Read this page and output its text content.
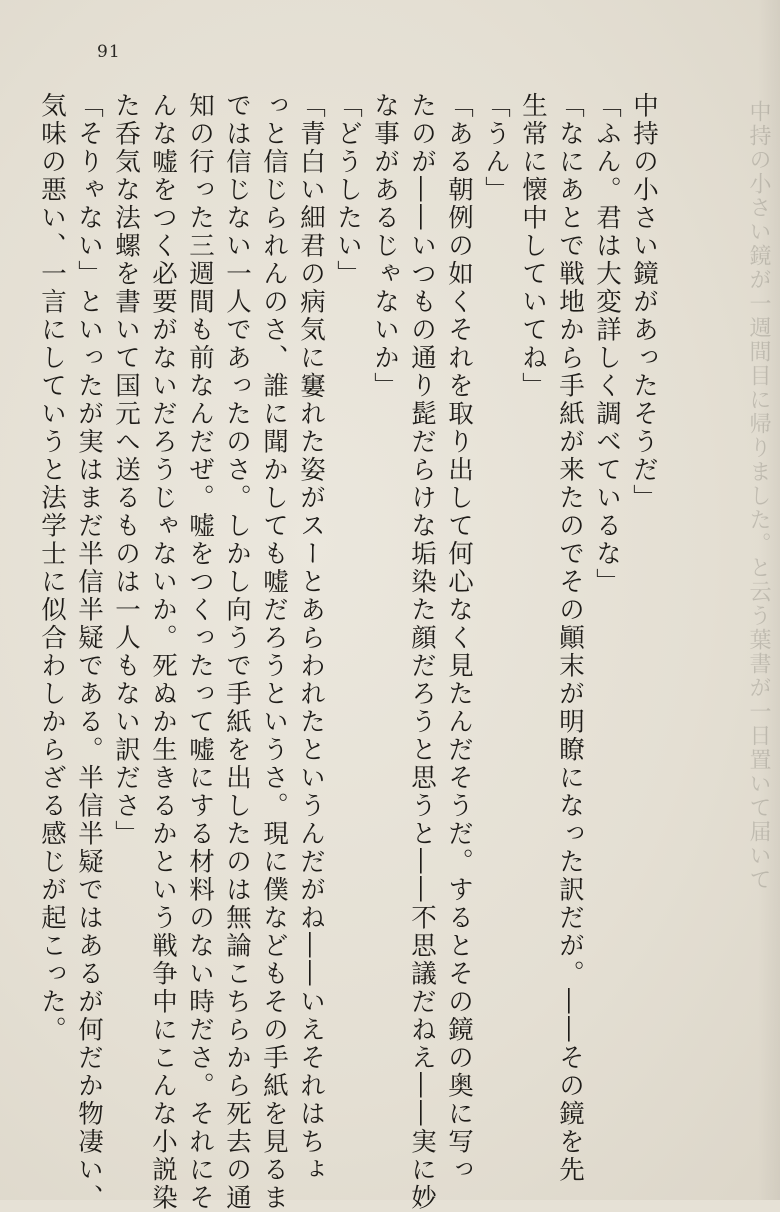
91
中持の小さい鏡があったそうだ」
「ふん。君は大変詳しく調べているな」
「なにあとで戦地から手紙が来たのでその顚末が明瞭になった訳だが。――その鏡を先
生常に懐中していてね」
「うん」
「ある朝例の如くそれを取り出して何心なく見たんだそうだ。するとその鏡の奥に写っ
たのが――いつもの通り髭だらけな垢染た顔だろうと思うと――不思議だねえ――実に妙
な事があるじゃないか」
「どうしたい」
「青白い細君の病気に窶れた姿がスーとあらわれたというんだがね――いえそれはちょ
っと信じられんのさ、誰に聞かしても嘘だろうというさ。現に僕などもその手紙を見るま
では信じない一人であったのさ。しかし向うで手紙を出したのは無論こちらから死去の通
知の行った三週間も前なんだぜ。嘘をつくったって嘘にする材料のない時ださ。それにそ
んな嘘をつく必要がないだろうじゃないか。死ぬか生きるかという戦争中にこんな小説染
た呑気な法螺を書いて国元へ送るものは一人もない訳ださ」
「そりゃない」といったが実はまだ半信半疑である。半信半疑ではあるが何だか物凄い、
気味の悪い、一言にしていうと法学士に似合わしからざる感じが起こった。	中持の小さい鏡が一週間目に帰りました。と云う葉書が一日置いて届いて
